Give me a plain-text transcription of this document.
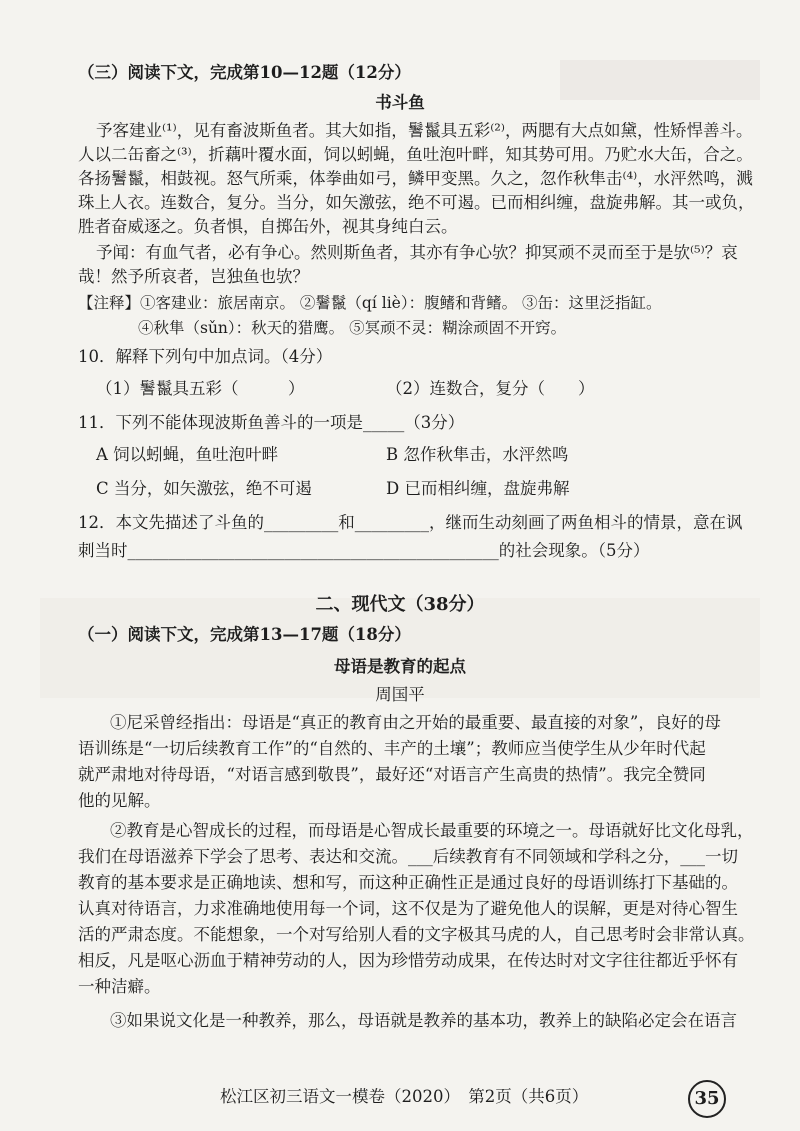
（三）阅读下文，完成第10—12题（12分）
书斗鱼
予客建业⁽¹⁾，见有畜波斯鱼者。其大如指，鬐鬣具五彩⁽²⁾，两腮有大点如黛，性矫悍善斗。
人以二缶畜之⁽³⁾，折藕叶覆水面，饲以蚓蝇，鱼吐泡叶畔，知其势可用。乃贮水大缶，合之。
各扬鬐鬣，相鼓视。怒气所乘，体拳曲如弓，鳞甲变黑。久之，忽作秋隼击⁽⁴⁾，水泙然鸣，溅
珠上人衣。连数合，复分。当分，如矢激弦，绝不可遏。已而相纠缠，盘旋弗解。其一或负，
胜者奋威逐之。负者惧，自掷缶外，视其身纯白云。
予闻：有血气者，必有争心。然则斯鱼者，其亦有争心欤？抑冥顽不灵而至于是欤⁽⁵⁾？哀
哉！然予所哀者，岂独鱼也欤？
【注释】①客建业：旅居南京。 ②鬐鬣（qí liè）：腹鳍和背鳍。 ③缶：这里泛指缸。
④秋隼（sǔn）：秋天的猎鹰。 ⑤冥顽不灵：糊涂顽固不开窍。
10．解释下列句中加点词。（4分）
（1）鬐鬣具五彩（　　　）	（2）连数合，复分（　　）
11．下列不能体现波斯鱼善斗的一项是_____（3分）
A 饲以蚓蝇，鱼吐泡叶畔	B 忽作秋隼击，水泙然鸣
C 当分，如矢激弦，绝不可遏	D 已而相纠缠，盘旋弗解
12．本文先描述了斗鱼的_________和_________，继而生动刻画了两鱼相斗的情景，意在讽
刺当时_____________________________________________的社会现象。（5分）
二、现代文（38分）
（一）阅读下文，完成第13—17题（18分）
母语是教育的起点
周国平
①尼采曾经指出：母语是“真正的教育由之开始的最重要、最直接的对象”，良好的母
语训练是“一切后续教育工作”的“自然的、丰产的土壤”；教师应当使学生从少年时代起
就严肃地对待母语，“对语言感到敬畏”，最好还“对语言产生高贵的热情”。我完全赞同
他的见解。
②教育是心智成长的过程，而母语是心智成长最重要的环境之一。母语就好比文化母乳，
我们在母语滋养下学会了思考、表达和交流。___后续教育有不同领域和学科之分，___一切
教育的基本要求是正确地读、想和写，而这种正确性正是通过良好的母语训练打下基础的。
认真对待语言，力求准确地使用每一个词，这不仅是为了避免他人的误解，更是对待心智生
活的严肃态度。不能想象，一个对写给别人看的文字极其马虎的人，自己思考时会非常认真。
相反，凡是呕心沥血于精神劳动的人，因为珍惜劳动成果，在传达时对文字往往都近乎怀有
一种洁癖。
③如果说文化是一种教养，那么，母语就是教养的基本功，教养上的缺陷必定会在语言
松江区初三语文一模卷（2020）　第2页（共6页）	35
